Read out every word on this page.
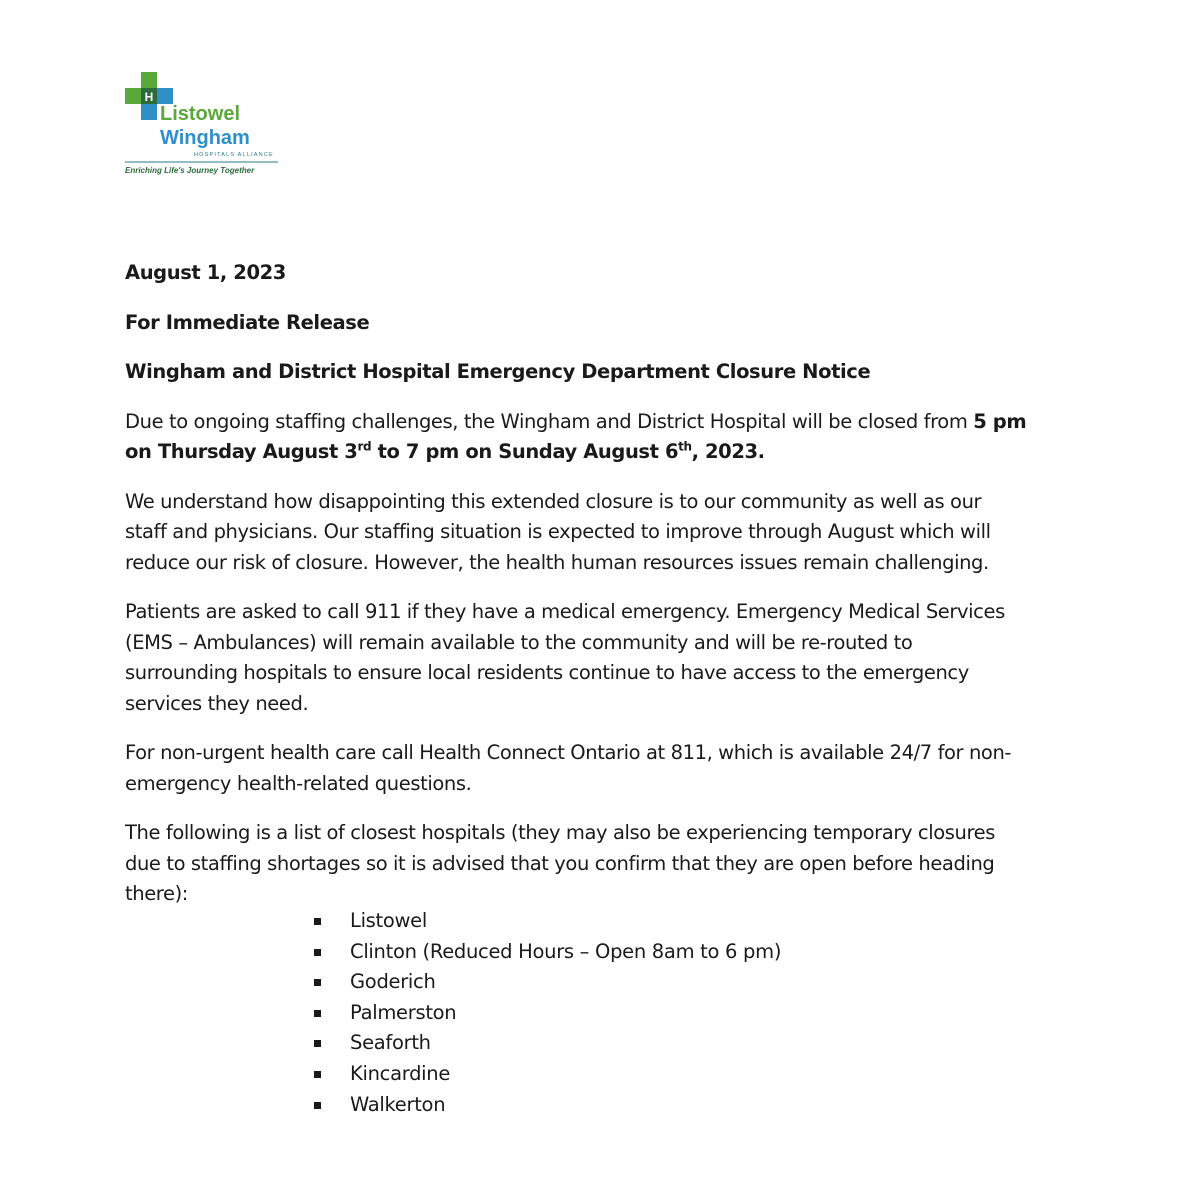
H
Listowel
Wingham
HOSPITALS ALLIANCE
Enriching Life's Journey Together
August 1, 2023
For Immediate Release
Wingham and District Hospital Emergency Department Closure Notice
Due to ongoing staffing challenges, the Wingham and District Hospital will be closed from 5 pm
on Thursday August 3rd to 7 pm on Sunday August 6th, 2023.
We understand how disappointing this extended closure is to our community as well as our
staff and physicians. Our staffing situation is expected to improve through August which will
reduce our risk of closure. However, the health human resources issues remain challenging.
Patients are asked to call 911 if they have a medical emergency. Emergency Medical Services
(EMS – Ambulances) will remain available to the community and will be re-routed to
surrounding hospitals to ensure local residents continue to have access to the emergency
services they need.
For non-urgent health care call Health Connect Ontario at 811, which is available 24/7 for non-
emergency health-related questions.
The following is a list of closest hospitals (they may also be experiencing temporary closures
due to staffing shortages so it is advised that you confirm that they are open before heading
there):
Listowel
Clinton (Reduced Hours – Open 8am to 6 pm)
Goderich
Palmerston
Seaforth
Kincardine
Walkerton
